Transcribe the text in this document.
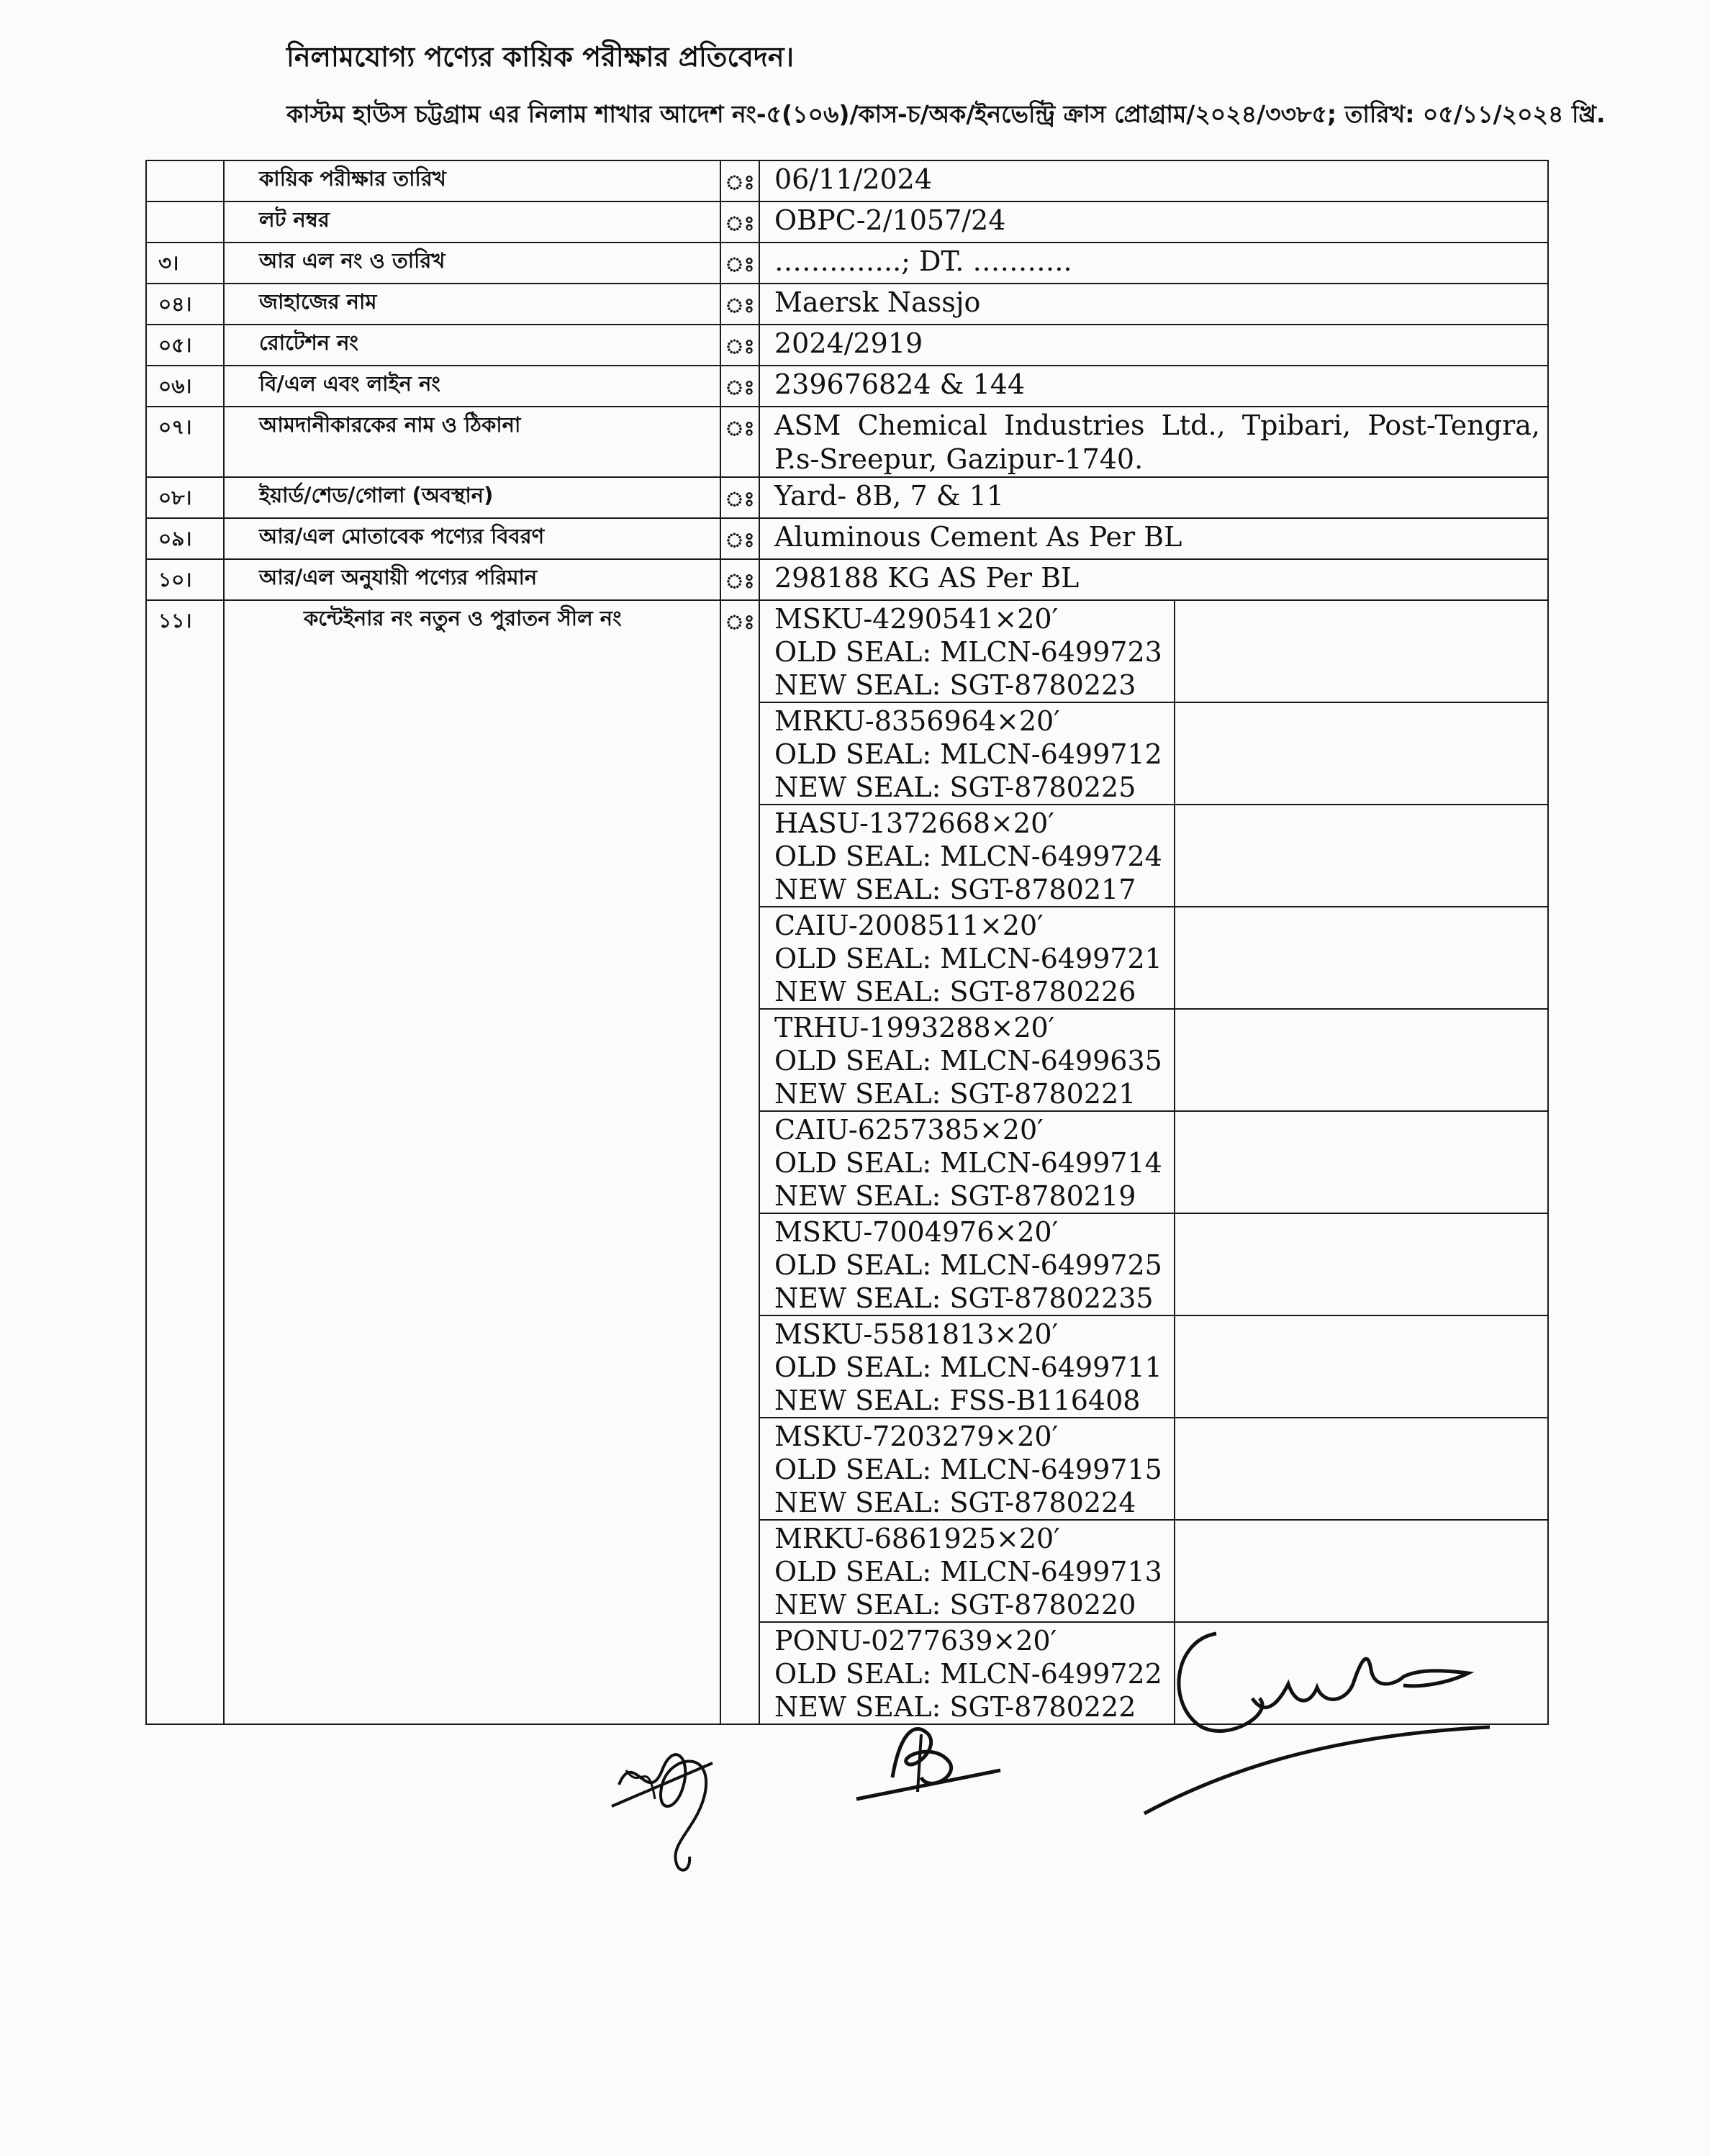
নিলামযোগ্য পণ্যের কায়িক পরীক্ষার প্রতিবেদন।
কাস্টম হাউস চট্টগ্রাম এর নিলাম শাখার আদেশ নং-৫(১০৬)/কাস-চ/অক/ইনভেন্ট্রি ক্রাস প্রোগ্রাম/২০২৪/৩৩৮৫; তারিখ: ০৫/১১/২০২৪ খ্রি.
	কায়িক পরীক্ষার তারিখ	ঃ	06/11/2024
	লট নম্বর	ঃ	OBPC-2/1057/24
৩।	আর এল নং ও তারিখ	ঃ	…………..; DT. ………..
০৪।	জাহাজের নাম	ঃ	Maersk Nassjo
০৫।	রোটেশন নং	ঃ	2024/2919
০৬।	বি/এল এবং লাইন নং	ঃ	239676824 & 144
০৭।	আমদানীকারকের নাম ও ঠিকানা	ঃ	ASM Chemical Industries Ltd., Tpibari, Post-Tengra, P.s-Sreepur, Gazipur-1740.
০৮।	ইয়ার্ড/শেড/গোলা (অবস্থান)	ঃ	Yard- 8B, 7 & 11
০৯।	আর/এল মোতাবেক পণ্যের বিবরণ	ঃ	Aluminous Cement As Per BL
১০।	আর/এল অনুযায়ী পণ্যের পরিমান	ঃ	298188 KG AS Per BL
১১।	কন্টেইনার নং নতুন ও পুরাতন সীল নং	ঃ	MSKU-4290541×20′
OLD SEAL: MLCN-6499723
NEW SEAL: SGT-8780223

MRKU-8356964×20′
OLD SEAL: MLCN-6499712
NEW SEAL: SGT-8780225

HASU-1372668×20′
OLD SEAL: MLCN-6499724
NEW SEAL: SGT-8780217

CAIU-2008511×20′
OLD SEAL: MLCN-6499721
NEW SEAL: SGT-8780226

TRHU-1993288×20′
OLD SEAL: MLCN-6499635
NEW SEAL: SGT-8780221

CAIU-6257385×20′
OLD SEAL: MLCN-6499714
NEW SEAL: SGT-8780219

MSKU-7004976×20′
OLD SEAL: MLCN-6499725
NEW SEAL: SGT-87802235

MSKU-5581813×20′
OLD SEAL: MLCN-6499711
NEW SEAL: FSS-B116408

MSKU-7203279×20′
OLD SEAL: MLCN-6499715
NEW SEAL: SGT-8780224

MRKU-6861925×20′
OLD SEAL: MLCN-6499713
NEW SEAL: SGT-8780220

PONU-0277639×20′
OLD SEAL: MLCN-6499722
NEW SEAL: SGT-8780222
